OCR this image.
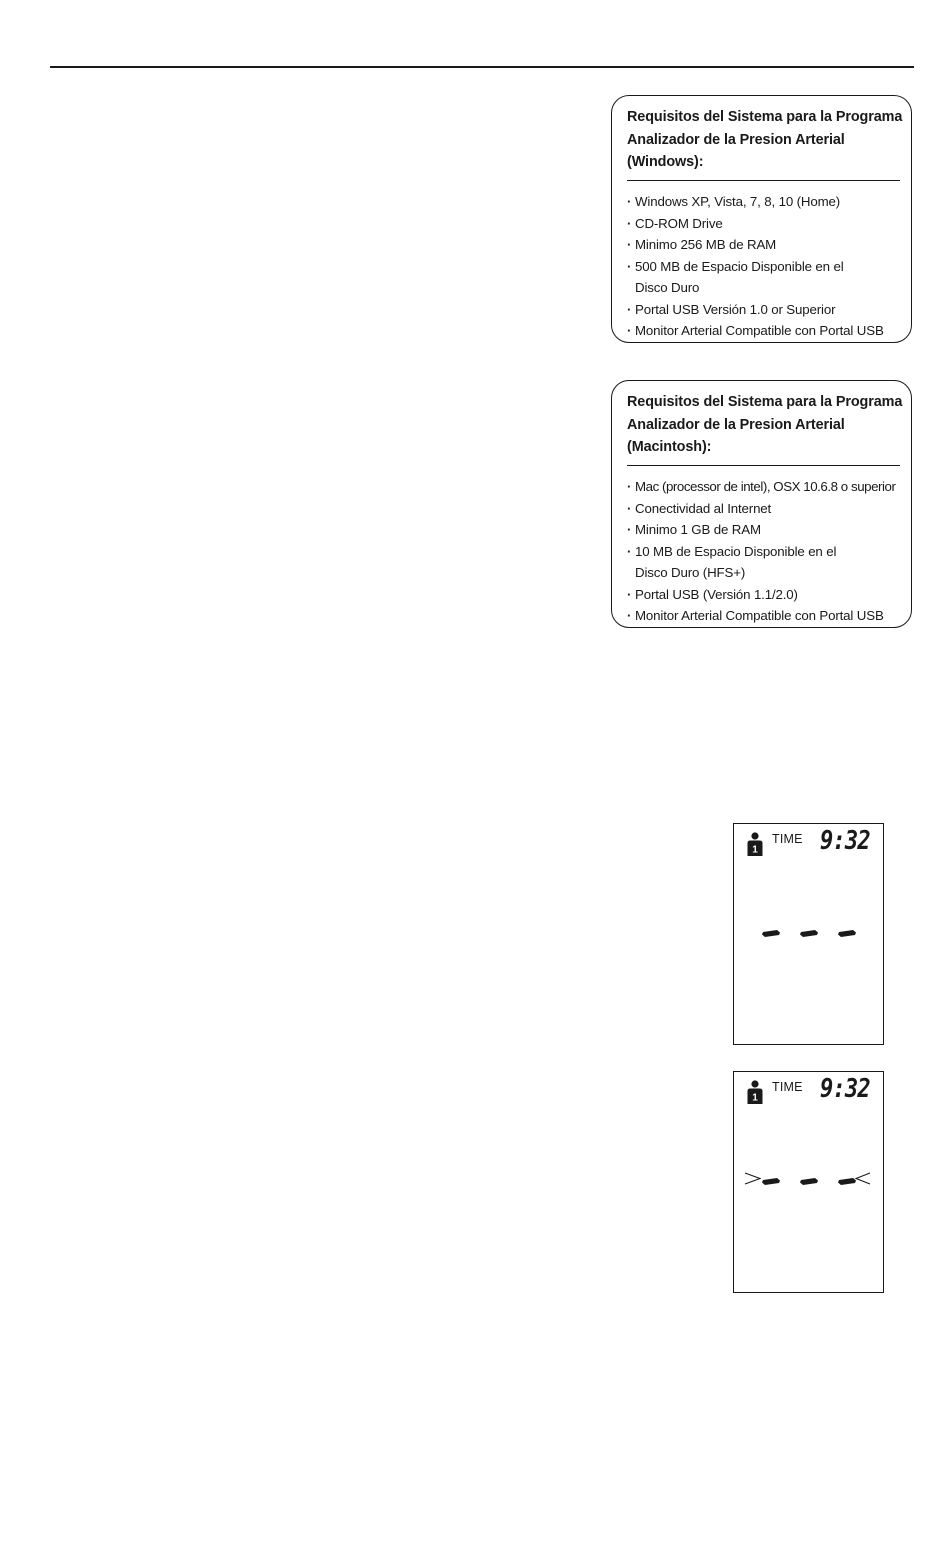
Requisitos del Sistema para la Programa
Analizador de la Presion Arterial
(Windows):
· Windows XP, Vista, 7, 8, 10 (Home)
· CD-ROM Drive
· Minimo 256 MB de RAM
· 500 MB de Espacio Disponible en el
Disco Duro
· Portal USB Versión 1.0 or Superior
· Monitor Arterial Compatible con Portal USB
Requisitos del Sistema para la Programa
Analizador de la Presion Arterial
(Macintosh):
· Mac (processor de intel), OSX 10.6.8 o superior
· Conectividad al Internet
· Minimo 1 GB de RAM
· 10 MB de Espacio Disponible en el
Disco Duro (HFS+)
· Portal USB (Versión 1.1/2.0)
· Monitor Arterial Compatible con Portal USB
1
TIME 9:32
1
TIME 9:32
